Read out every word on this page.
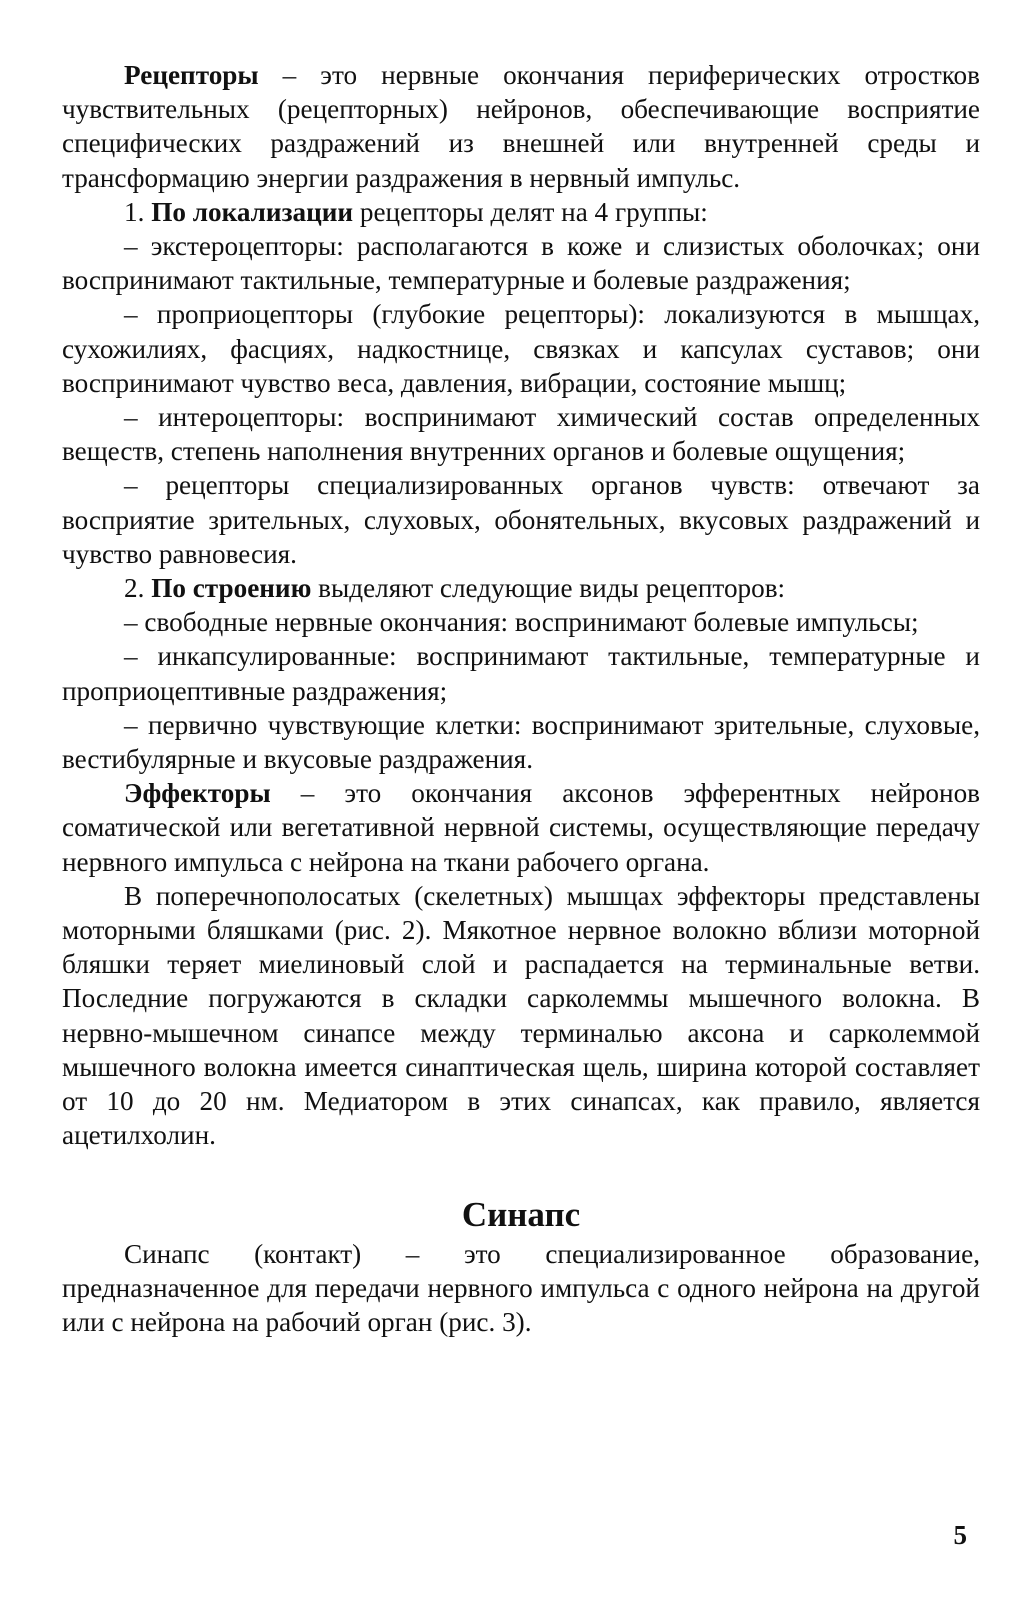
Рецепторы – это нервные окончания периферических отростков чувствительных (рецепторных) нейронов, обеспечивающие восприятие специфических раздражений из внешней или внутренней среды и трансформацию энергии раздражения в нервный импульс.

1. По локализации рецепторы делят на 4 группы:

– экстероцепторы: располагаются в коже и слизистых оболочках; они воспринимают тактильные, температурные и болевые раздражения;

– проприоцепторы (глубокие рецепторы): локализуются в мышцах, сухожилиях, фасциях, надкостнице, связках и капсулах суставов; они воспринимают чувство веса, давления, вибрации, состояние мышц;

– интероцепторы: воспринимают химический состав определенных веществ, степень наполнения внутренних органов и болевые ощущения;

– рецепторы специализированных органов чувств: отвечают за восприятие зрительных, слуховых, обонятельных, вкусовых раздражений и чувство равновесия.

2. По строению выделяют следующие виды рецепторов:

– свободные нервные окончания: воспринимают болевые импульсы;

– инкапсулированные: воспринимают тактильные, температурные и проприоцептивные раздражения;

– первично чувствующие клетки: воспринимают зрительные, слуховые, вестибулярные и вкусовые раздражения.

Эффекторы – это окончания аксонов эфферентных нейронов соматической или вегетативной нервной системы, осуществляющие передачу нервного импульса с нейрона на ткани рабочего органа.

В поперечнополосатых (скелетных) мышцах эффекторы представлены моторными бляшками (рис. 2). Мякотное нервное волокно вблизи моторной бляшки теряет миелиновый слой и распадается на терминальные ветви. Последние погружаются в складки сарколеммы мышечного волокна. В нервно-мышечном синапсе между терминалью аксона и сарколеммой мышечного волокна имеется синаптическая щель, ширина которой составляет от 10 до 20 нм. Медиатором в этих синапсах, как правило, является ацетилхолин.

Синапс

Синапс (контакт) – это специализированное образование, предназначенное для передачи нервного импульса с одного нейрона на другой или с нейрона на рабочий орган (рис. 3).

5
